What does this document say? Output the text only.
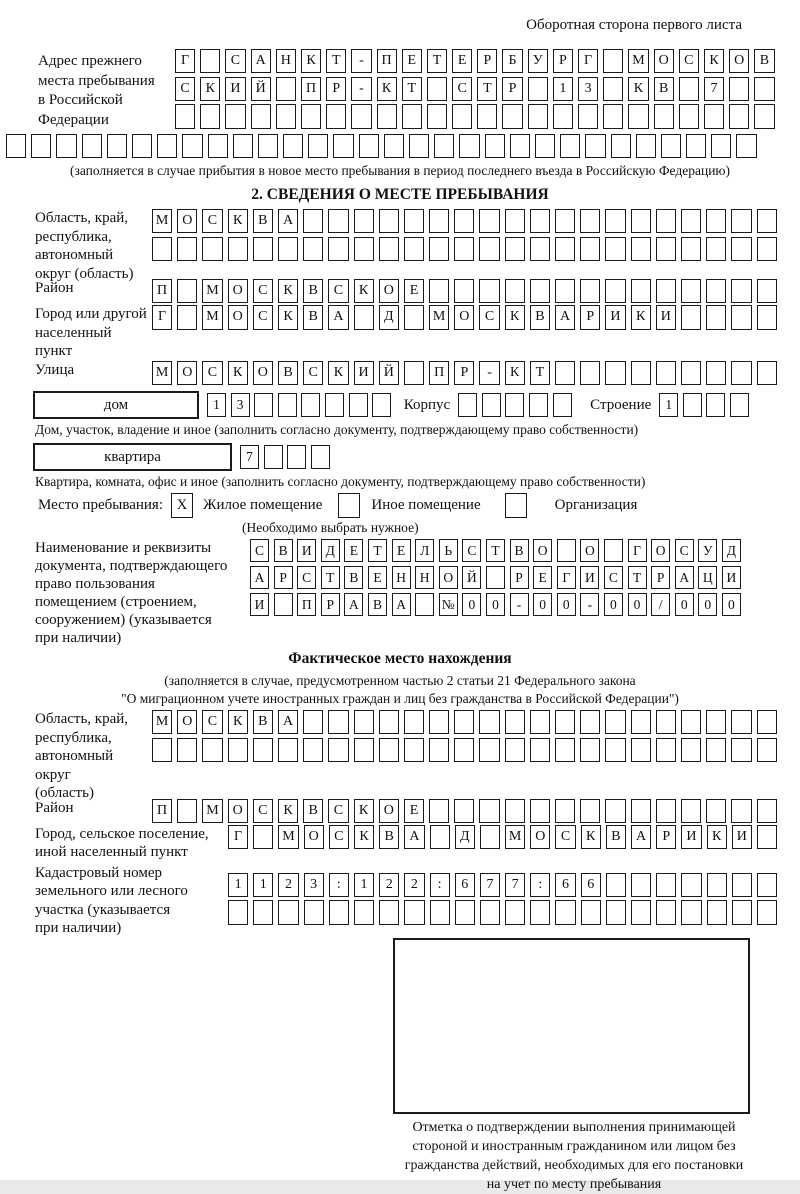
Оборотная сторона первого листа
Адрес прежнего
места пребывания
в Российской
Федерации
Г	С	А	Н	К	Т	-	П	Е	Т	Е	Р	Б	У	Р	Г	М О	С	К	О	В
С	К	И	Й	П	Р	-	К	Т	С	Т	Р	1	3	К	В	7
(заполняется в случае прибытия в новое место пребывания в период последнего въезда в Российскую Федерацию)
2. СВЕДЕНИЯ О МЕСТЕ ПРЕБЫВАНИЯ
Область, край,
республика,
автономный
округ (область)
М О	С	К	В	А
Район	П	М О	С	К	В	С	К	О	Е
Город или другой
населенный пункт
Г	М О	С	К	В	А	Д	М О	С	К	В	А	Р	И	К	И
Улица	М О	С	К	О	В	С	К	И	Й	П	Р	-	К	Т
дом	1	3	Корпус	Строение	1
Дом, участок, владение и иное (заполнить согласно документу, подтверждающему право собственности)
квартира	7
Квартира, комната, офис и иное (заполнить согласно документу, подтверждающему право собственности)
Место пребывания: X	Жилое помещение	Иное помещение	Организация
(Необходимо выбрать нужное)
Наименование и реквизиты
документа, подтверждающего
право пользования
помещением (строением,
сооружением) (указывается
при наличии)
С	В	И	Д	Е	Т	Е	Л	Ь	С	Т	В	О	О	Г	О	С	У	Д
А	Р	С	Т	В	Е	Н	Н	О	Й	Р	Е	Г	И	С	Т	Р	А	Ц	И
И	П	Р	А	В	А	№	0	0	-	0	0	-	0	0	/	0	0	0
Фактическое место нахождения
(заполняется в случае, предусмотренном частью 2 статьи 21 Федерального закона
"О миграционном учете иностранных граждан и лиц без гражданства в Российской Федерации")
Область, край,
республика,
автономный округ
(область)
М О	С	К	В	А
Район	П	М О	С	К	В	С	К	О	Е
Город, сельское поселение,
иной населенный пункт
Г	М О	С	К	В	А	Д	М О	С	К	В	А	Р	И	К	И
Кадастровый номер
земельного или лесного
участка (указывается
при наличии)
1	1	2	3	:	1	2	2	:	6	7	7	:	6	6
Отметка о подтверждении выполнения принимающей
стороной и иностранным гражданином или лицом без
гражданства действий, необходимых для его постановки
на учет по месту пребывания
